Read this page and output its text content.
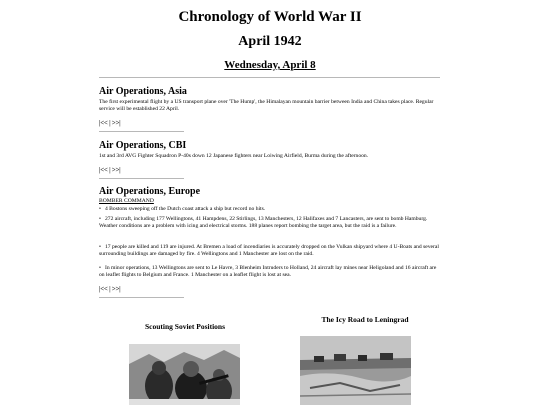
Chronology of World War II
April 1942
Wednesday, April 8
Air Operations, Asia
The first experimental flight by a US transport plane over 'The Hump', the Himalayan mountain barrier between India and China takes place. Regular service will be established 22 April.
|<< | >>|
Air Operations, CBI
1st and 3rd AVG Fighter Squadron P-40s down 12 Japanese fighters near Loiwing Airfield, Burma during the afternoon.
|<< | >>|
Air Operations, Europe
BOMBER COMMAND
• 4 Bostons sweeping off the Dutch coast attack a ship but record no hits.
• 272 aircraft, including 177 Wellingtons, 41 Hampdens, 22 Stirlings, 13 Manchesters, 12 Halifaxes and 7 Lancasters, are sent to bomb Hamburg. Weather conditions are a problem with icing and electrical storms. 188 planes report bombing the target area, but the raid is a failure.
• 17 people are killed and 119 are injured. At Bremen a load of incendiaries is accurately dropped on the Vulkan shipyard where 4 U-Boats and several surrounding buildings are damaged by fire. 4 Wellingtons and 1 Manchester are lost on the raid.
• In minor operations, 13 Wellingtons are sent to Le Havre, 3 Blenheim Intruders to Holland, 24 aircraft lay mines near Heligoland and 16 aircraft are on leaflet flights to Belgium and France. 1 Manchester on a leaflet flight is lost at sea.
|<< | >>|
Scouting Soviet Positions
The Icy Road to Leningrad
